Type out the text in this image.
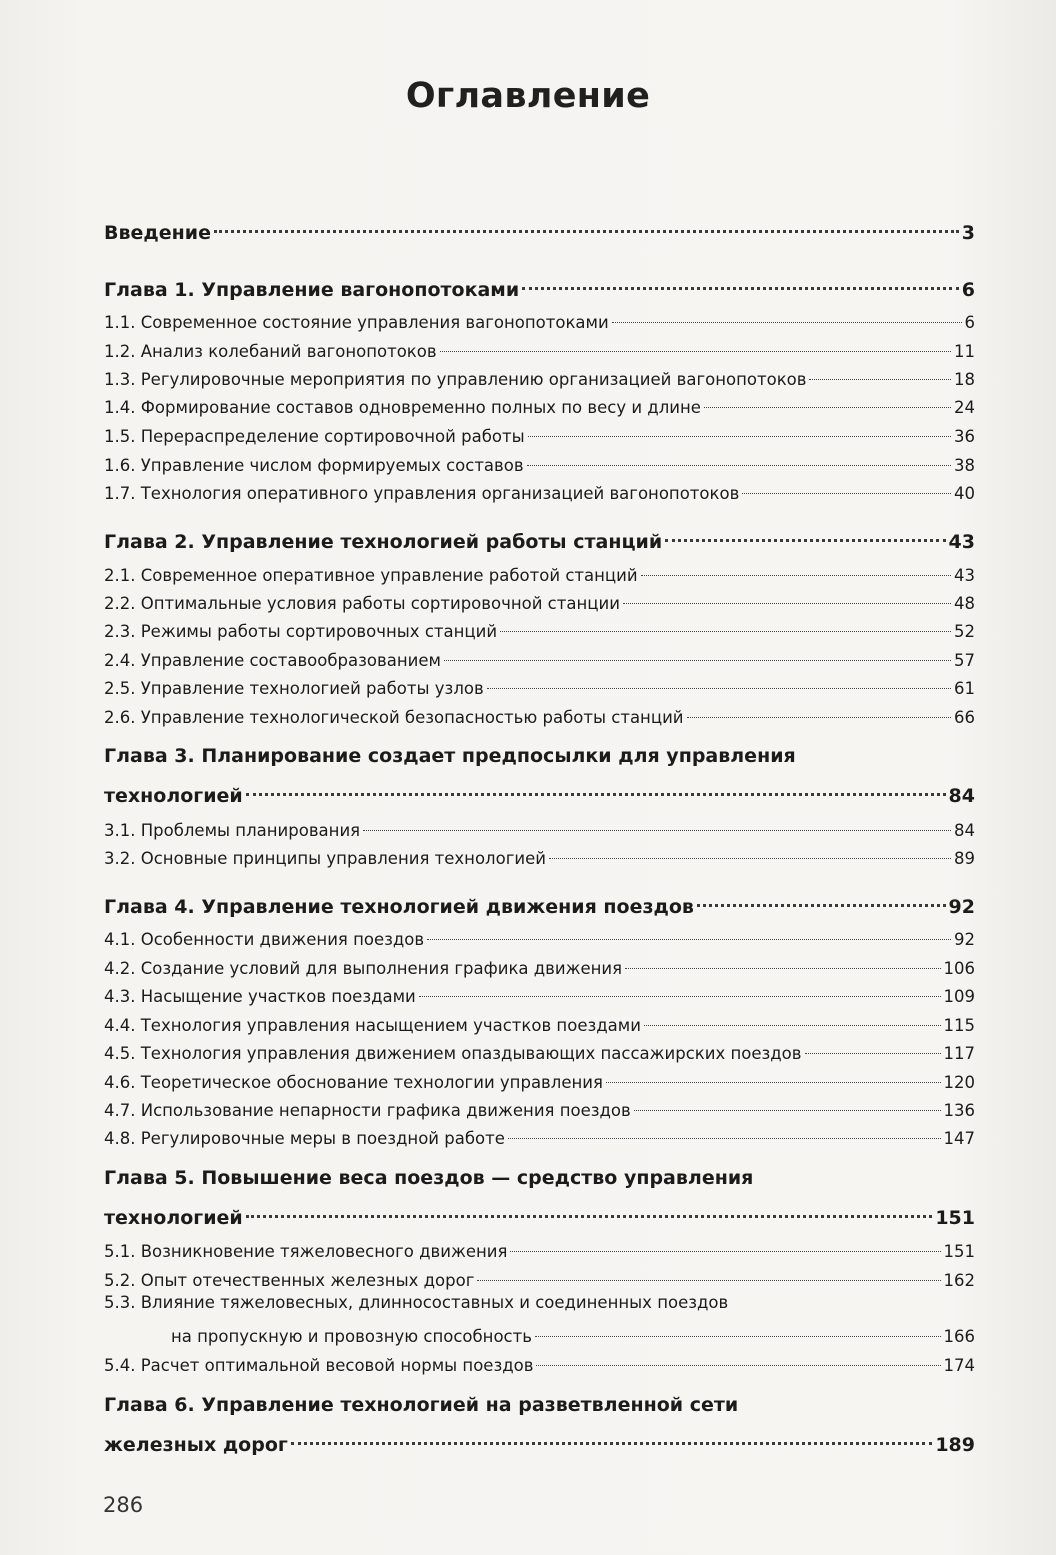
Оглавление
Введение	3
Глава 1. Управление вагонопотоками	6
1.1. Современное состояние управления вагонопотоками	6
1.2. Анализ колебаний вагонопотоков	11
1.3. Регулировочные мероприятия по управлению организацией вагонопотоков	18
1.4. Формирование составов одновременно полных по весу и длине	24
1.5. Перераспределение сортировочной работы	36
1.6. Управление числом формируемых составов	38
1.7. Технология оперативного управления организацией вагонопотоков	40
Глава 2. Управление технологией работы станций	43
2.1. Современное оперативное управление работой станций	43
2.2. Оптимальные условия работы сортировочной станции	48
2.3. Режимы работы сортировочных станций	52
2.4. Управление составообразованием	57
2.5. Управление технологией работы узлов	61
2.6. Управление технологической безопасностью работы станций	66
Глава 3. Планирование создает предпосылки для управления
технологией	84
3.1. Проблемы планирования	84
3.2. Основные принципы управления технологией	89
Глава 4. Управление технологией движения поездов	92
4.1. Особенности движения поездов	92
4.2. Создание условий для выполнения графика движения	106
4.3. Насыщение участков поездами	109
4.4. Технология управления насыщением участков поездами	115
4.5. Технология управления движением опаздывающих пассажирских поездов	117
4.6. Теоретическое обоснование технологии управления	120
4.7. Использование непарности графика движения поездов	136
4.8. Регулировочные меры в поездной работе	147
Глава 5. Повышение веса поездов — средство управления
технологией	151
5.1. Возникновение тяжеловесного движения	151
5.2. Опыт отечественных железных дорог	162
5.3. Влияние тяжеловесных, длинносоставных и соединенных поездов
на пропускную и провозную способность	166
5.4. Расчет оптимальной весовой нормы поездов	174
Глава 6. Управление технологией на разветвленной сети
железных дорог	189
286
